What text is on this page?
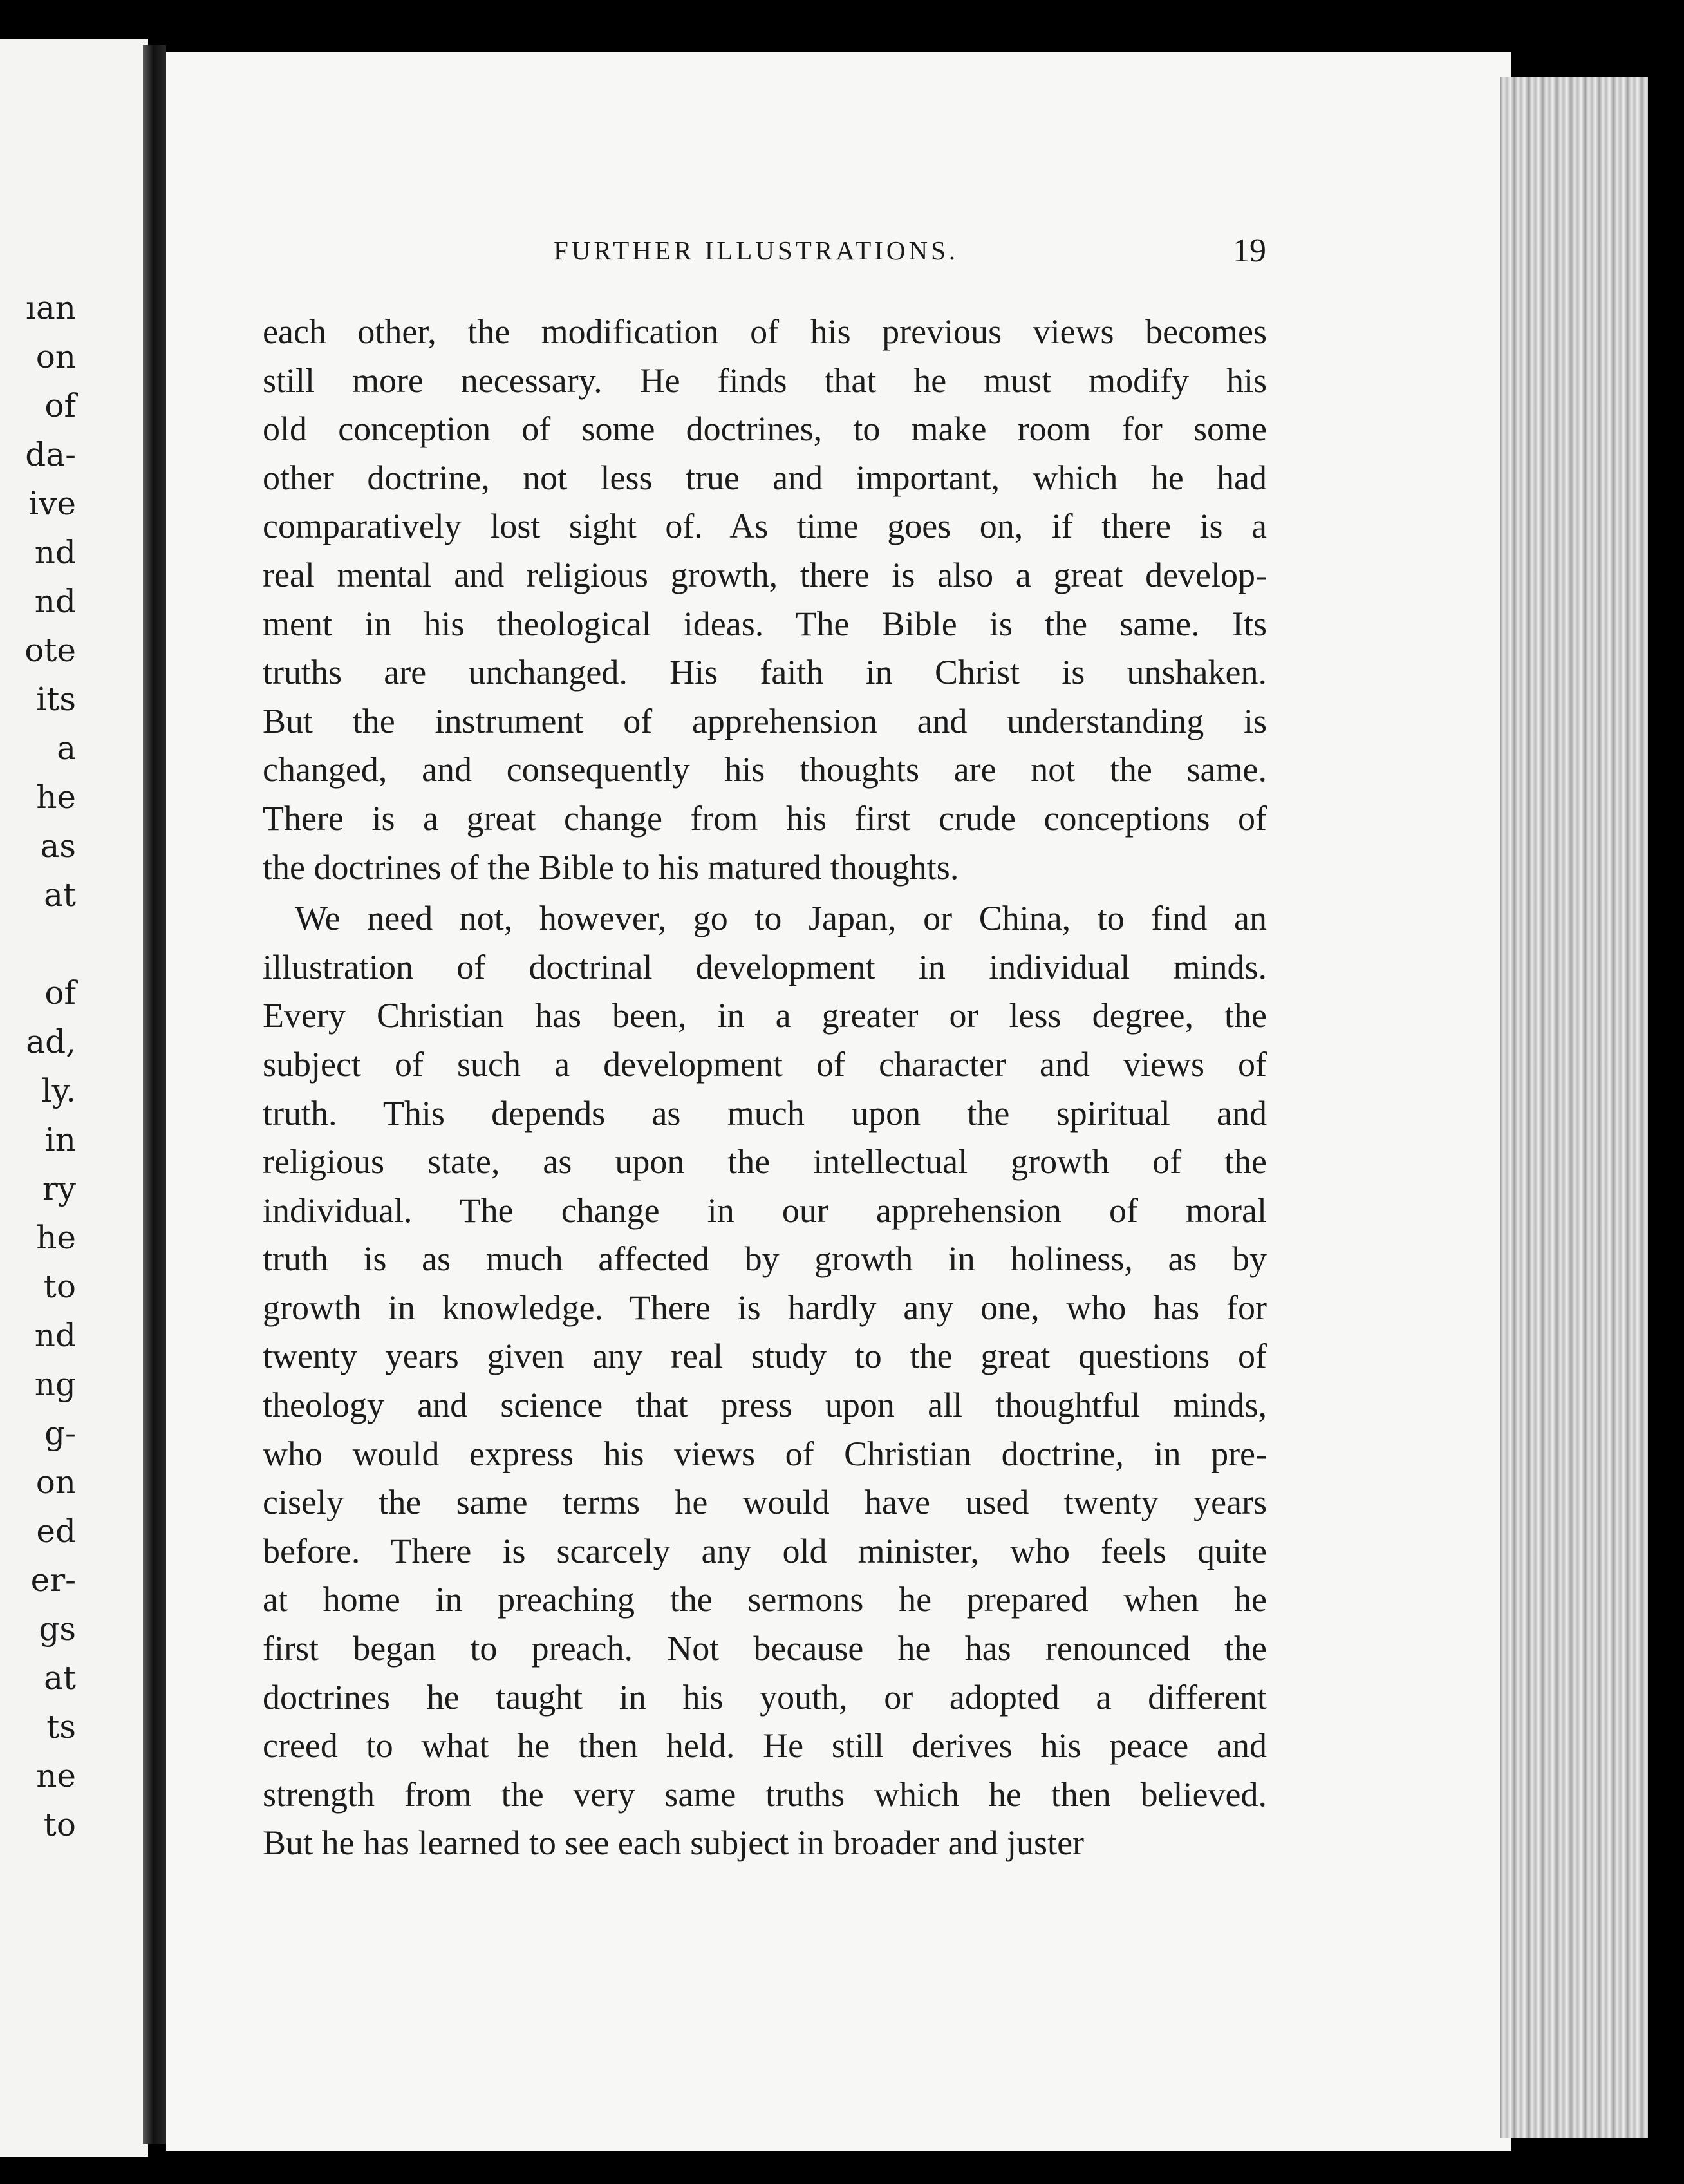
ıan
on
of
da-
ive
nd
nd
ote
its
a
he
as
at
of
ad,
ly.
in
ry
he
to
nd
ng
g-
on
ed
er-
gs
at
ts
ne
to
FURTHER ILLUSTRATIONS.	19
each other, the modification of his previous views becomes
still more necessary. He finds that he must modify his
old conception of some doctrines, to make room for some
other doctrine, not less true and important, which he had
comparatively lost sight of. As time goes on, if there is a
real mental and religious growth, there is also a great develop-
ment in his theological ideas. The Bible is the same. Its
truths are unchanged. His faith in Christ is unshaken.
But the instrument of apprehension and understanding is
changed, and consequently his thoughts are not the same.
There is a great change from his first crude conceptions of
the doctrines of the Bible to his matured thoughts.
We need not, however, go to Japan, or China, to find an
illustration of doctrinal development in individual minds.
Every Christian has been, in a greater or less degree, the
subject of such a development of character and views of
truth. This depends as much upon the spiritual and
religious state, as upon the intellectual growth of the
individual. The change in our apprehension of moral
truth is as much affected by growth in holiness, as by
growth in knowledge. There is hardly any one, who has for
twenty years given any real study to the great questions of
theology and science that press upon all thoughtful minds,
who would express his views of Christian doctrine, in pre-
cisely the same terms he would have used twenty years
before. There is scarcely any old minister, who feels quite
at home in preaching the sermons he prepared when he
first began to preach. Not because he has renounced the
doctrines he taught in his youth, or adopted a different
creed to what he then held. He still derives his peace and
strength from the very same truths which he then believed.
But he has learned to see each subject in broader and juster
